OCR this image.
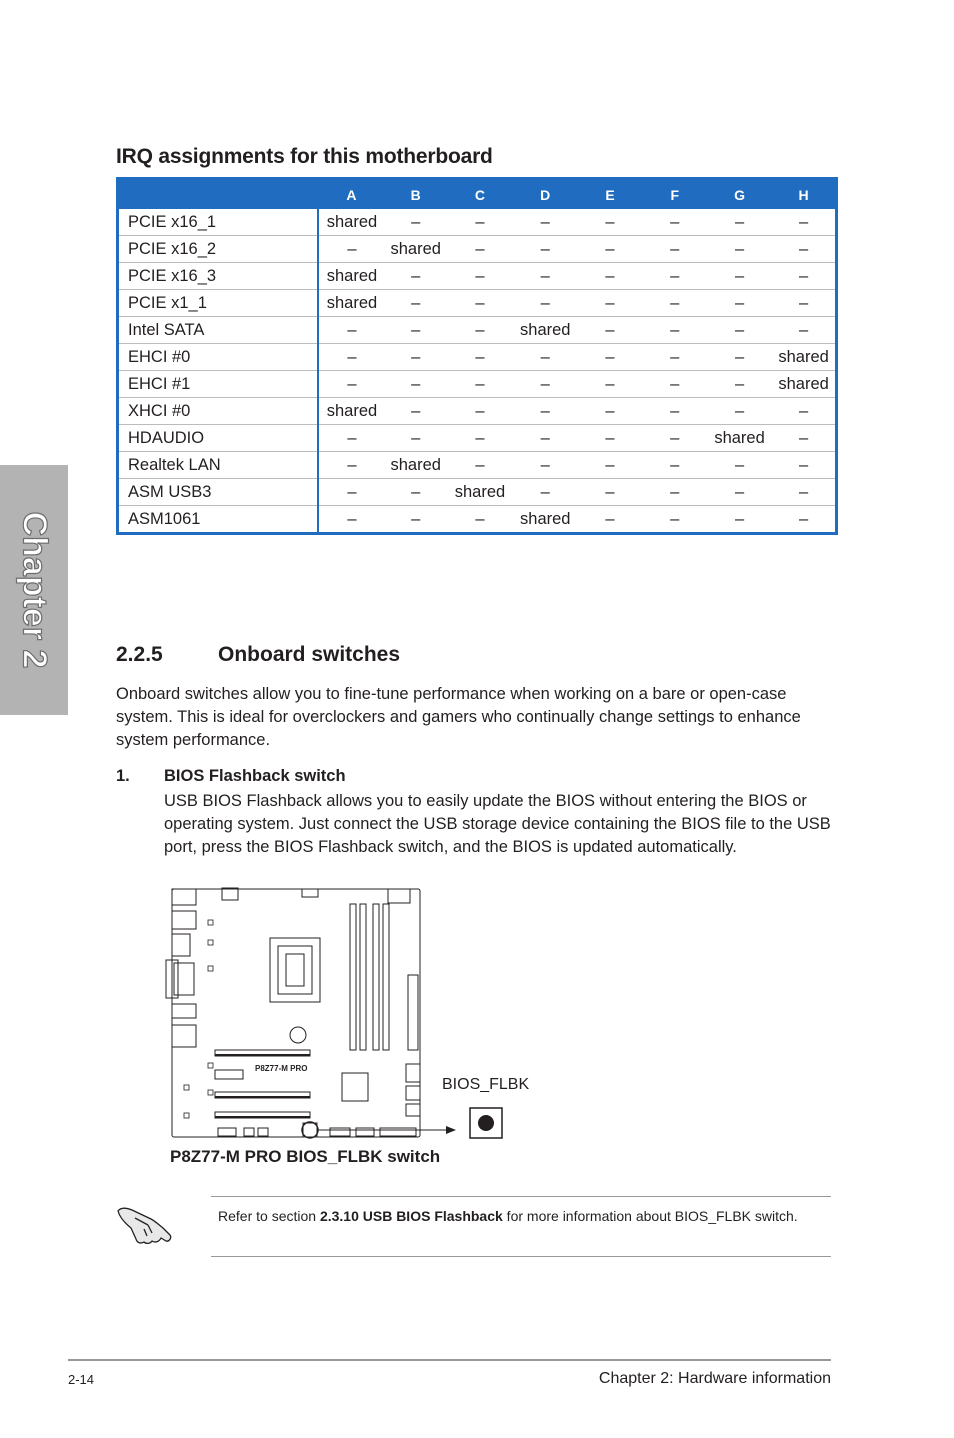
Chapter 2
IRQ assignments for this motherboard
	A	B	C	D	E	F	G	H
PCIE x16_1	shared	–	–	–	–	–	–	–
PCIE x16_2	–	shared	–	–	–	–	–	–
PCIE x16_3	shared	–	–	–	–	–	–	–
PCIE x1_1	shared	–	–	–	–	–	–	–
Intel SATA	–	–	–	shared	–	–	–	–
EHCI #0	–	–	–	–	–	–	–	shared
EHCI #1	–	–	–	–	–	–	–	shared
XHCI #0	shared	–	–	–	–	–	–	–
HDAUDIO	–	–	–	–	–	–	shared	–
Realtek LAN	–	shared	–	–	–	–	–	–
ASM USB3	–	–	shared	–	–	–	–	–
ASM1061	–	–	–	shared	–	–	–	–
2.2.5	Onboard switches

Onboard switches allow you to fine-tune performance when working on a bare or open-case system. This is ideal for overclockers and gamers who continually change settings to enhance system performance.

1. BIOS Flashback switch

USB BIOS Flashback allows you to easily update the BIOS without entering the BIOS or operating system. Just connect the USB storage device containing the BIOS file to the USB port, press the BIOS Flashback switch, and the BIOS is updated automatically.

P8Z77-M PRO
BIOS_FLBK
P8Z77-M PRO BIOS_FLBK switch
Refer to section 2.3.10 USB BIOS Flashback for more information about BIOS_FLBK switch.
2-14	Chapter 2: Hardware information
